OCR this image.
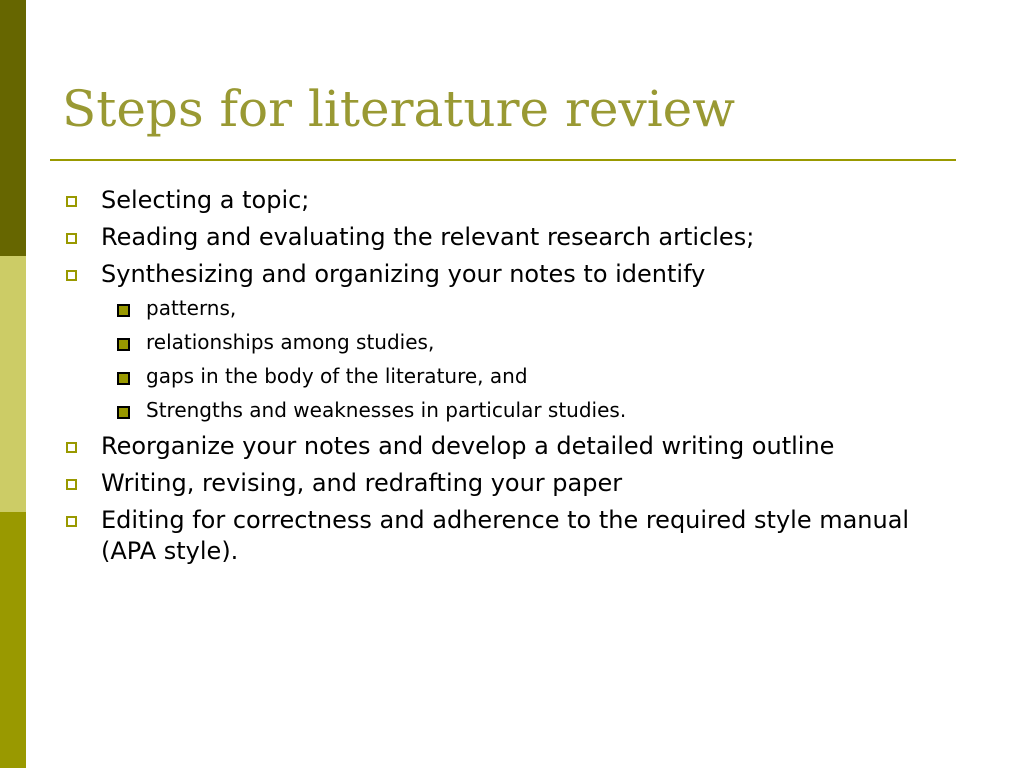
Steps for literature review
Selecting a topic;
Reading and evaluating the relevant research articles;
Synthesizing and organizing your notes to identify
patterns,
relationships among studies,
gaps in the body of the literature, and
Strengths and weaknesses in particular studies.
Reorganize your notes and develop a detailed writing outline
Writing, revising, and redrafting your paper
Editing for correctness and adherence to the required style manual (APA style).
